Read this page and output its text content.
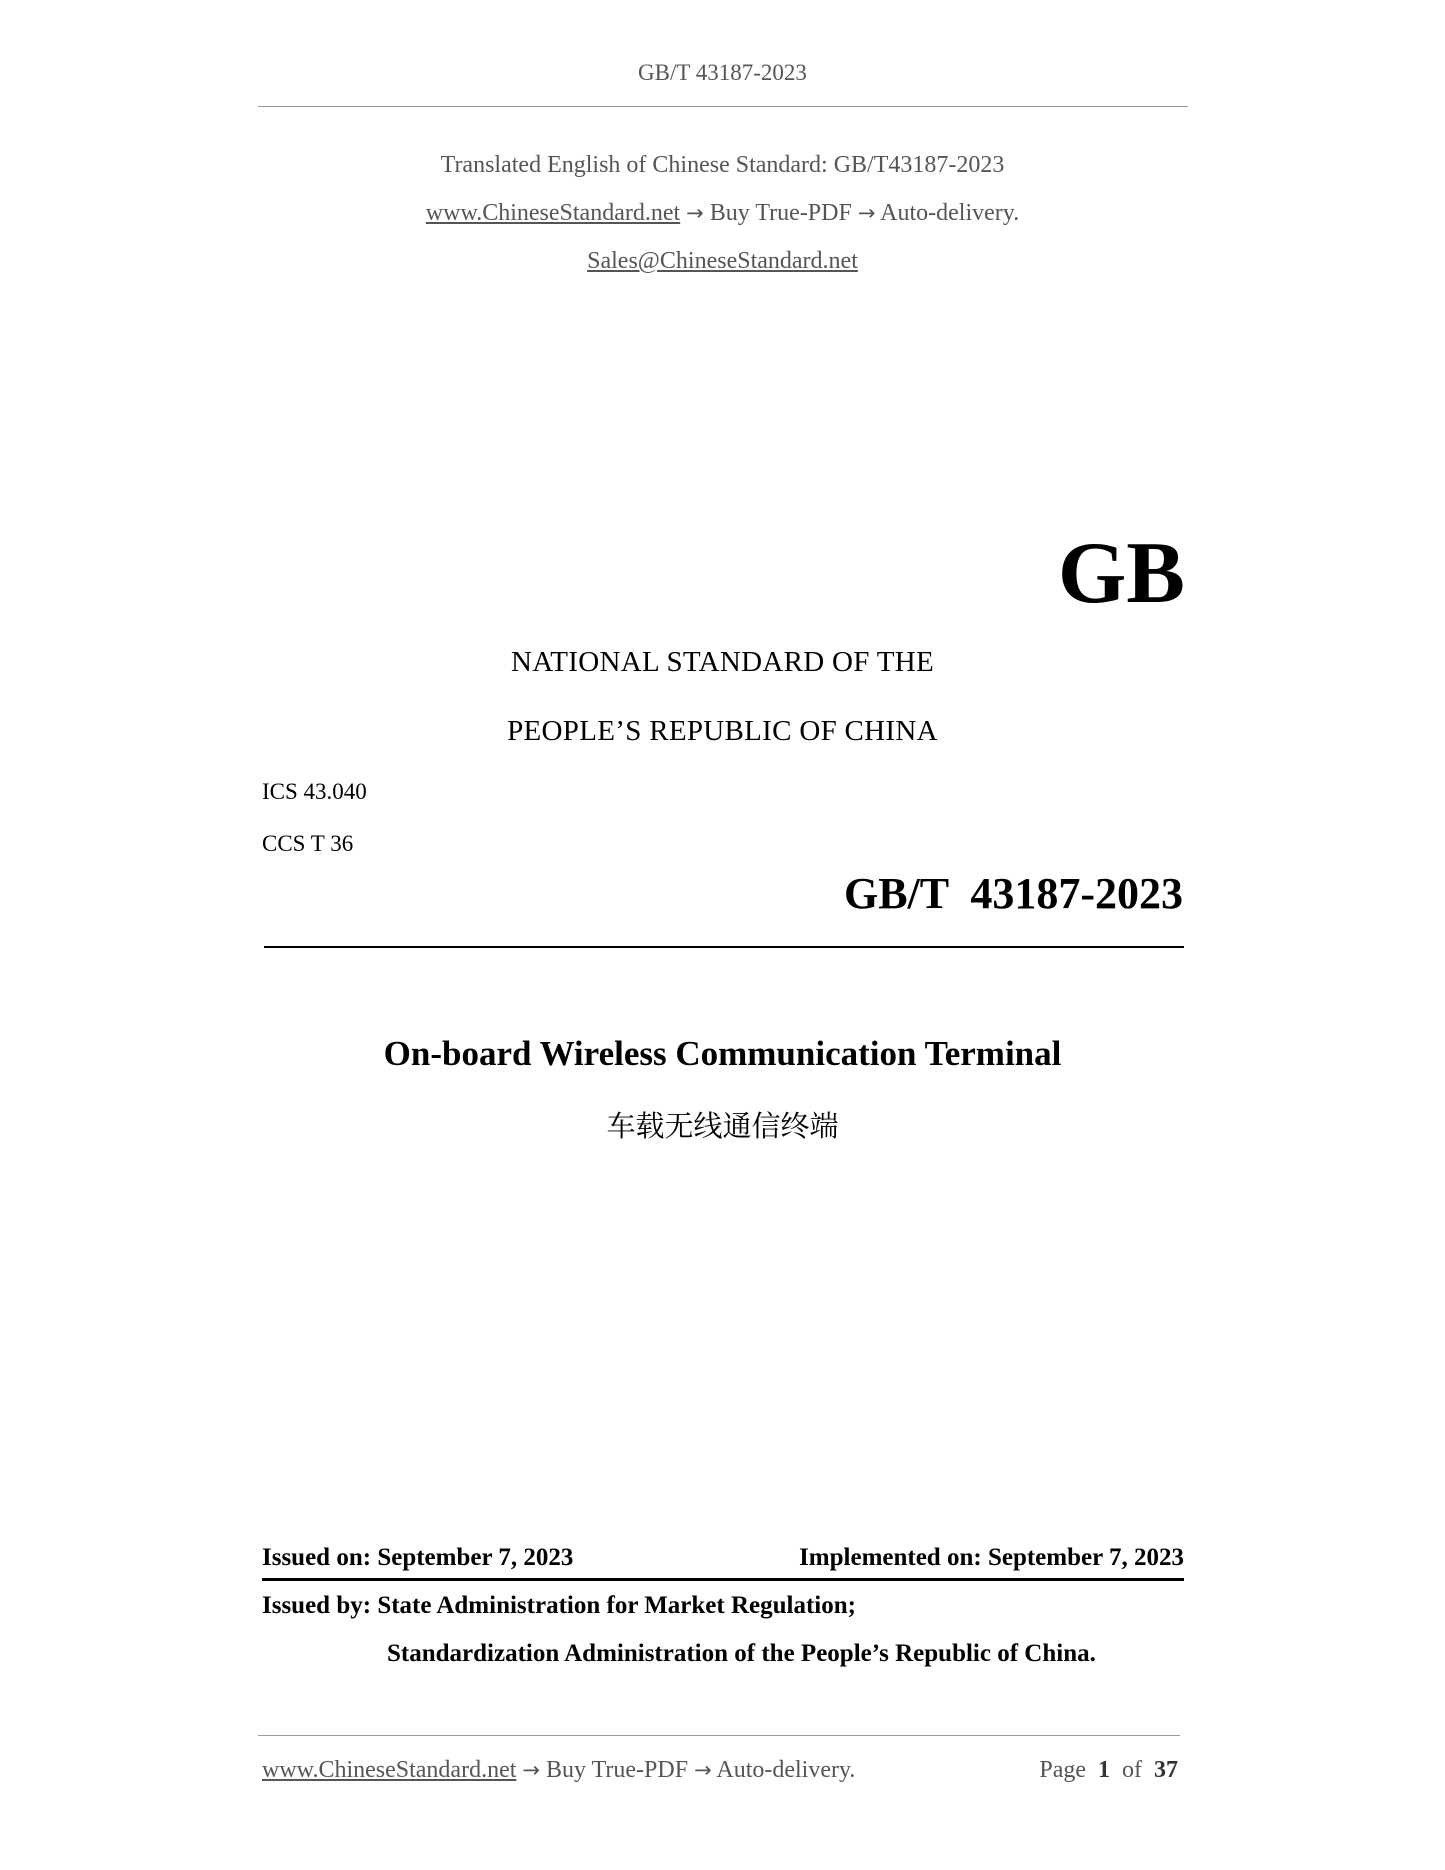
GB/T 43187-2023
Translated English of Chinese Standard: GB/T43187-2023
www.ChineseStandard.net → Buy True-PDF → Auto-delivery.
Sales@ChineseStandard.net
GB
NATIONAL STANDARD OF THE
PEOPLE’S REPUBLIC OF CHINA
ICS 43.040
CCS T 36
GB/T  43187-2023
On-board Wireless Communication Terminal
车载无线通信终端
Issued on: September 7, 2023	Implemented on: September 7, 2023
Issued by: State Administration for Market Regulation;
Standardization Administration of the People’s Republic of China.
www.ChineseStandard.net → Buy True-PDF → Auto-delivery.	Page 1 of 37
